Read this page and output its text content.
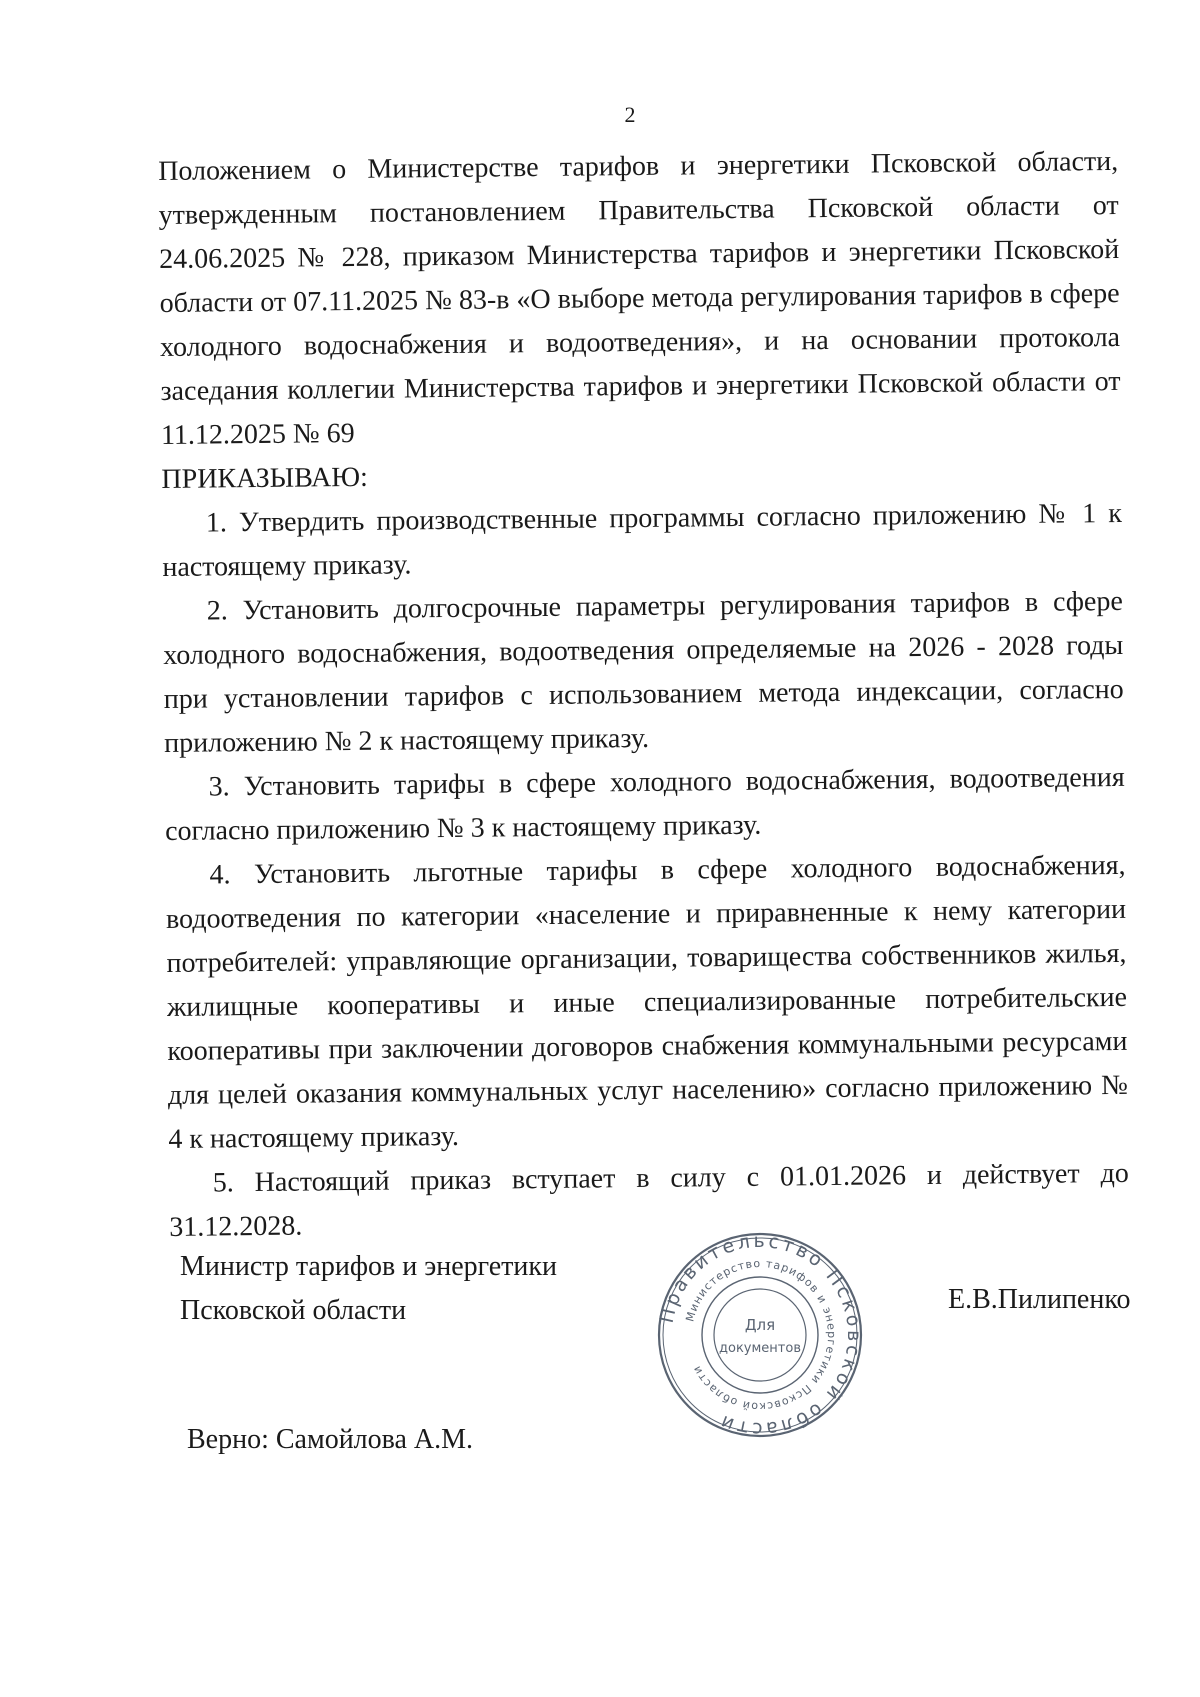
2

Положением о Министерстве тарифов и энергетики Псковской области, утвержденным постановлением Правительства Псковской области от 24.06.2025 № 228, приказом Министерства тарифов и энергетики Псковской области от 07.11.2025 № 83-в «О выборе метода регулирования тарифов в сфере холодного водоснабжения и водоотведения», и на основании протокола заседания коллегии Министерства тарифов и энергетики Псковской области от 11.12.2025 № 69

ПРИКАЗЫВАЮ:

1. Утвердить производственные программы согласно приложению № 1 к настоящему приказу.

2. Установить долгосрочные параметры регулирования тарифов в сфере холодного водоснабжения, водоотведения определяемые на 2026 - 2028 годы при установлении тарифов с использованием метода индексации, согласно приложению № 2 к настоящему приказу.

3. Установить тарифы в сфере холодного водоснабжения, водоотведения согласно приложению № 3 к настоящему приказу.

4. Установить льготные тарифы в сфере холодного водоснабжения, водоотведения по категории «население и приравненные к нему категории потребителей: управляющие организации, товарищества собственников жилья, жилищные кооперативы и иные специализированные потребительские кооперативы при заключении договоров снабжения коммунальными ресурсами для целей оказания коммунальных услуг населению» согласно приложению № 4 к настоящему приказу.

5. Настоящий приказ вступает в силу с 01.01.2026 и действует до 31.12.2028.

Министр тарифов и энергетики
Псковской области	Е.В.Пилипенко
Верно: Самойлова А.М.
Правительство Псковской области
Министерство тарифов и энергетики Псковской области
Для
документов
